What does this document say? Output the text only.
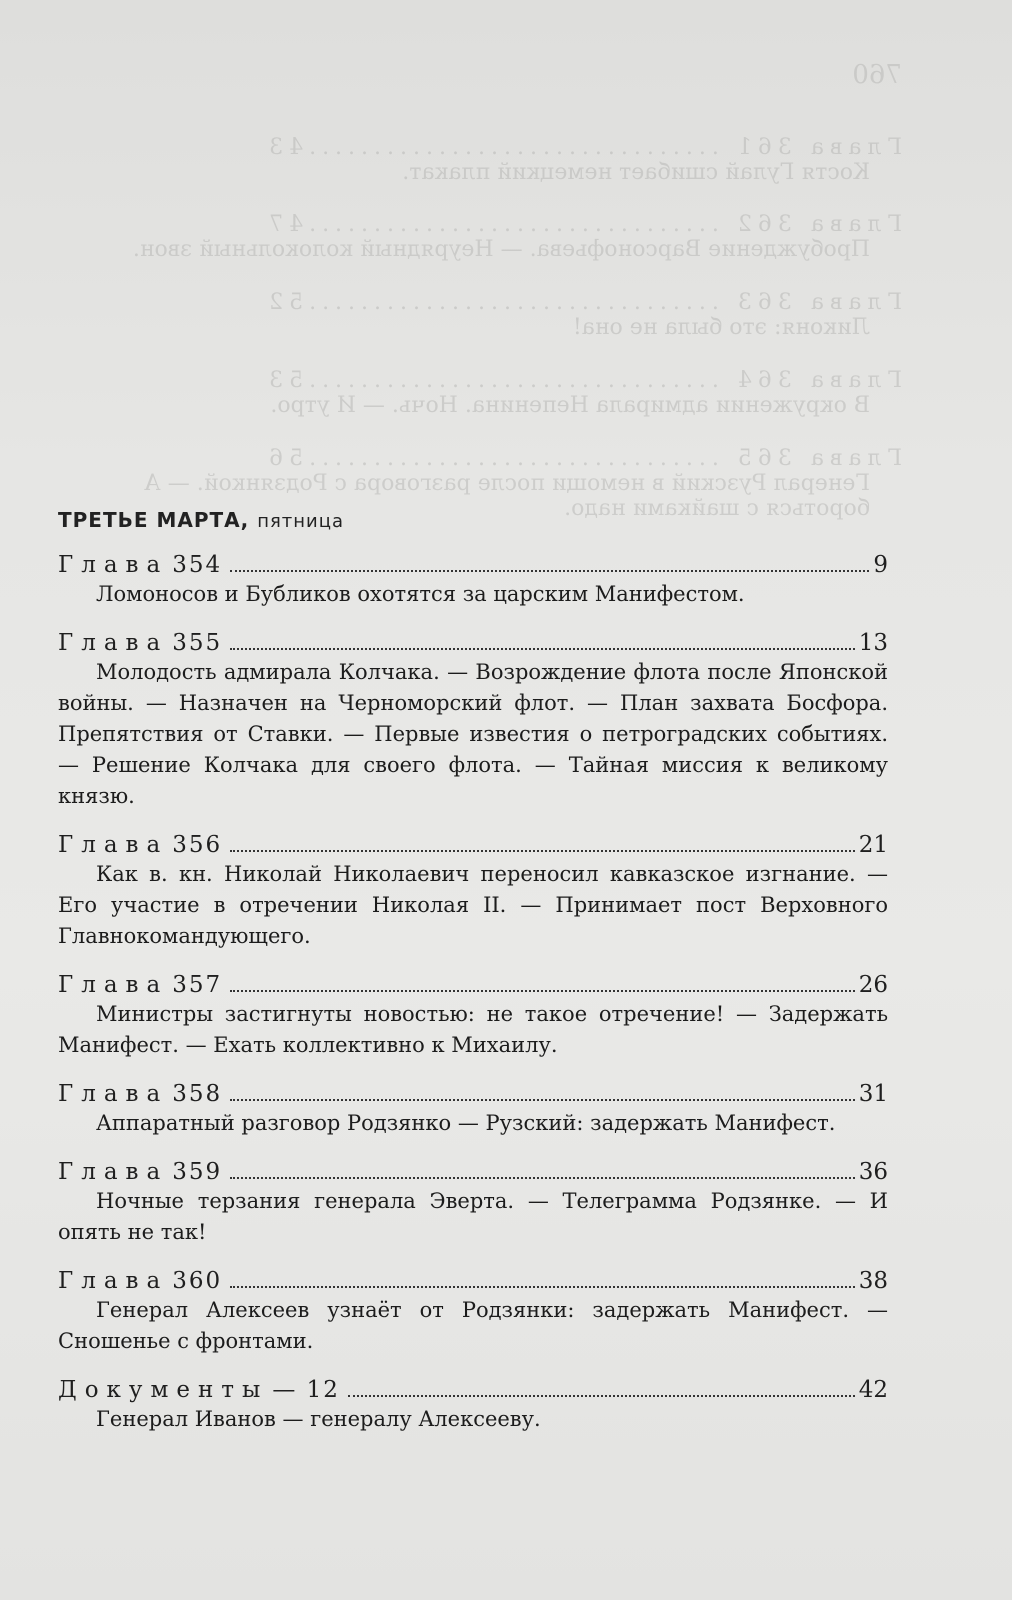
760
Глава 361 ................................43
Костя Гулай сшибает немецкий плакат.
Глава 362 ................................47
Пробуждение Варсонофьева. — Неурядный колокольный звон.
Глава 363 ................................52
Ликоня: это была не она!
Глава 364 ................................53
В окружении адмирала Непенина. Ночь. — И утро.
Глава 365 ................................56
Генерал Рузский в немощи после разговора с Родзянкой. — А бороться с шайками надо.
ТРЕТЬЕ МАРТА, пятница
Глава 354	9
Ломоносов и Бубликов охотятся за царским Манифестом.
Глава 355	13
Молодость адмирала Колчака. — Возрождение флота после Японской войны. — Назначен на Черноморский флот. — План захвата Босфора. Препятствия от Ставки. — Первые известия о петроградских событиях. — Решение Колчака для своего флота. — Тайная миссия к великому князю.
Глава 356	21
Как в. кн. Николай Николаевич переносил кавказское изгнание. — Его участие в отречении Николая II. — Принимает пост Верховного Главнокомандующего.
Глава 357	26
Министры застигнуты новостью: не такое отречение! — Задержать Манифест. — Ехать коллективно к Михаилу.
Глава 358	31
Аппаратный разговор Родзянко — Рузский: задержать Манифест.
Глава 359	36
Ночные терзания генерала Эверта. — Телеграмма Родзянке. — И опять не так!
Глава 360	38
Генерал Алексеев узнаёт от Родзянки: задержать Манифест. — Сношенье с фронтами.
Документы — 12	42
Генерал Иванов — генералу Алексееву.
